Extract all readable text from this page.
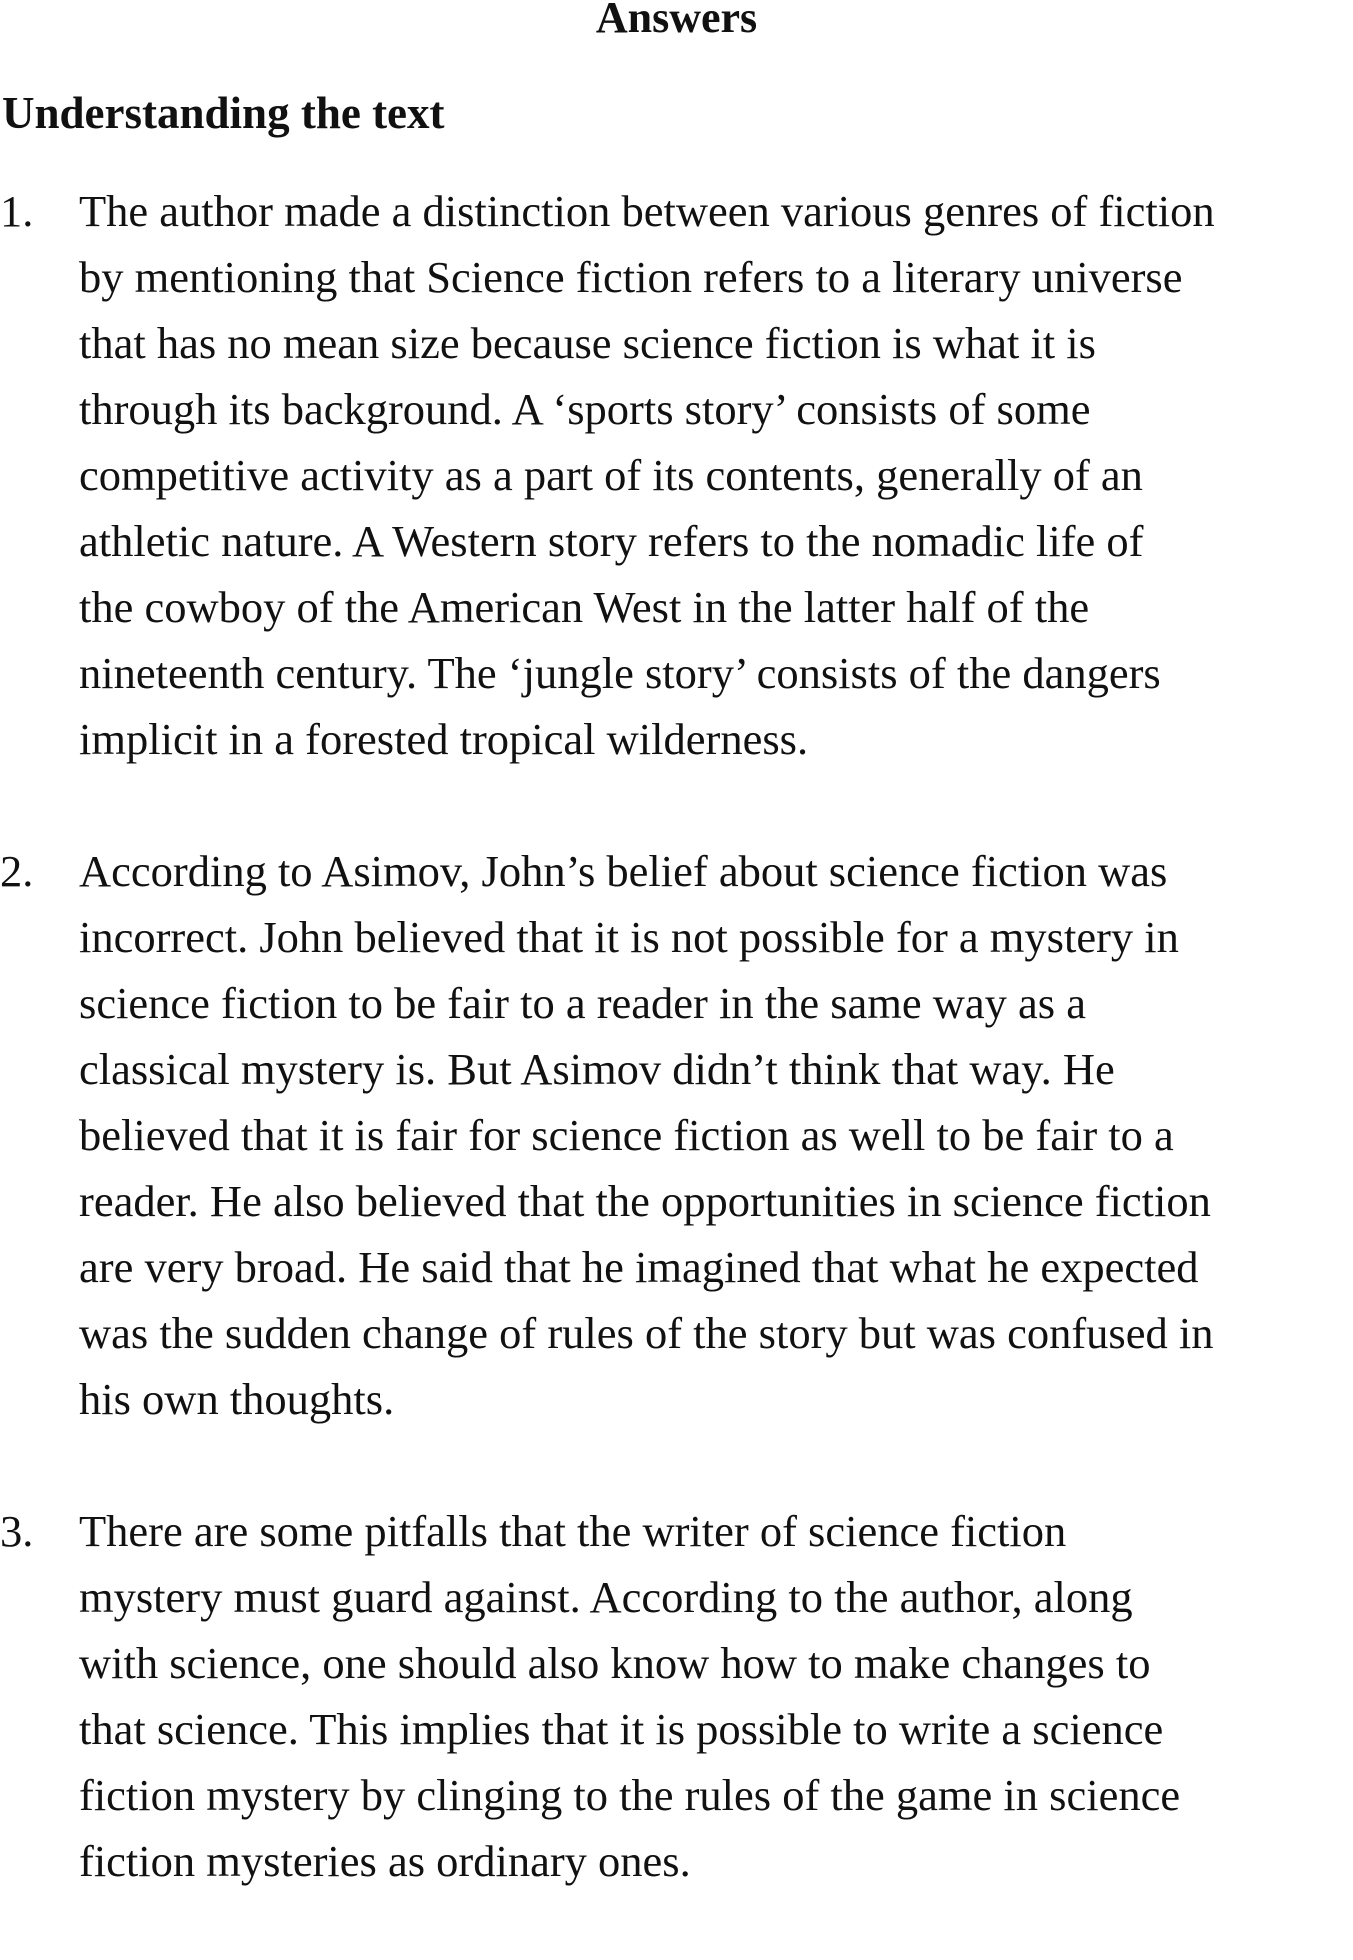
Answers
Understanding the text
1. The author made a distinction between various genres of fiction
by mentioning that Science fiction refers to a literary universe
that has no mean size because science fiction is what it is
through its background. A ‘sports story’ consists of some
competitive activity as a part of its contents, generally of an
athletic nature. A Western story refers to the nomadic life of
the cowboy of the American West in the latter half of the
nineteenth century. The ‘jungle story’ consists of the dangers
implicit in a forested tropical wilderness.
2. According to Asimov, John’s belief about science fiction was
incorrect. John believed that it is not possible for a mystery in
science fiction to be fair to a reader in the same way as a
classical mystery is. But Asimov didn’t think that way. He
believed that it is fair for science fiction as well to be fair to a
reader. He also believed that the opportunities in science fiction
are very broad. He said that he imagined that what he expected
was the sudden change of rules of the story but was confused in
his own thoughts.
3. There are some pitfalls that the writer of science fiction
mystery must guard against. According to the author, along
with science, one should also know how to make changes to
that science. This implies that it is possible to write a science
fiction mystery by clinging to the rules of the game in science
fiction mysteries as ordinary ones.
